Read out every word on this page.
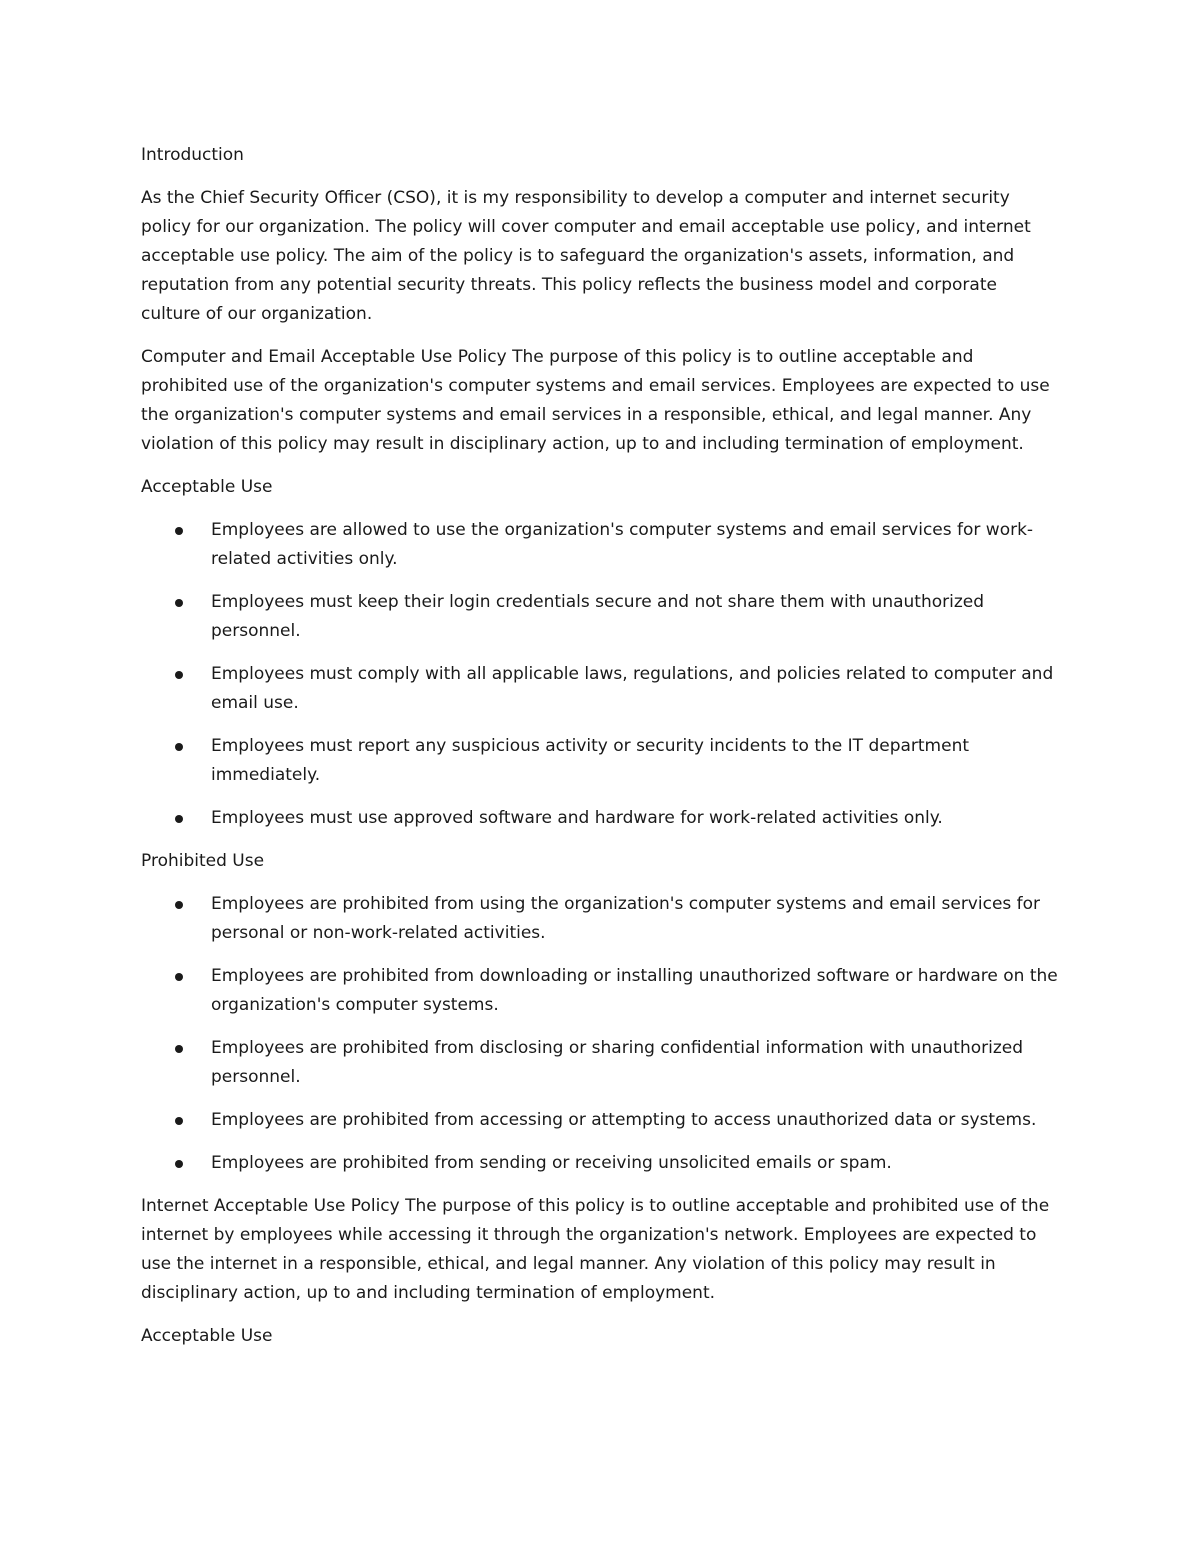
Introduction

As the Chief Security Officer (CSO), it is my responsibility to develop a computer and internet security policy for our organization. The policy will cover computer and email acceptable use policy, and internet acceptable use policy. The aim of the policy is to safeguard the organization's assets, information, and reputation from any potential security threats. This policy reflects the business model and corporate culture of our organization.

Computer and Email Acceptable Use Policy The purpose of this policy is to outline acceptable and prohibited use of the organization's computer systems and email services. Employees are expected to use the organization's computer systems and email services in a responsible, ethical, and legal manner. Any violation of this policy may result in disciplinary action, up to and including termination of employment.

Acceptable Use

Employees are allowed to use the organization's computer systems and email services for work-related activities only.
Employees must keep their login credentials secure and not share them with unauthorized personnel.
Employees must comply with all applicable laws, regulations, and policies related to computer and email use.
Employees must report any suspicious activity or security incidents to the IT department immediately.
Employees must use approved software and hardware for work-related activities only.

Prohibited Use

Employees are prohibited from using the organization's computer systems and email services for personal or non-work-related activities.
Employees are prohibited from downloading or installing unauthorized software or hardware on the organization's computer systems.
Employees are prohibited from disclosing or sharing confidential information with unauthorized personnel.
Employees are prohibited from accessing or attempting to access unauthorized data or systems.
Employees are prohibited from sending or receiving unsolicited emails or spam.

Internet Acceptable Use Policy The purpose of this policy is to outline acceptable and prohibited use of the internet by employees while accessing it through the organization's network. Employees are expected to use the internet in a responsible, ethical, and legal manner. Any violation of this policy may result in disciplinary action, up to and including termination of employment.

Acceptable Use
